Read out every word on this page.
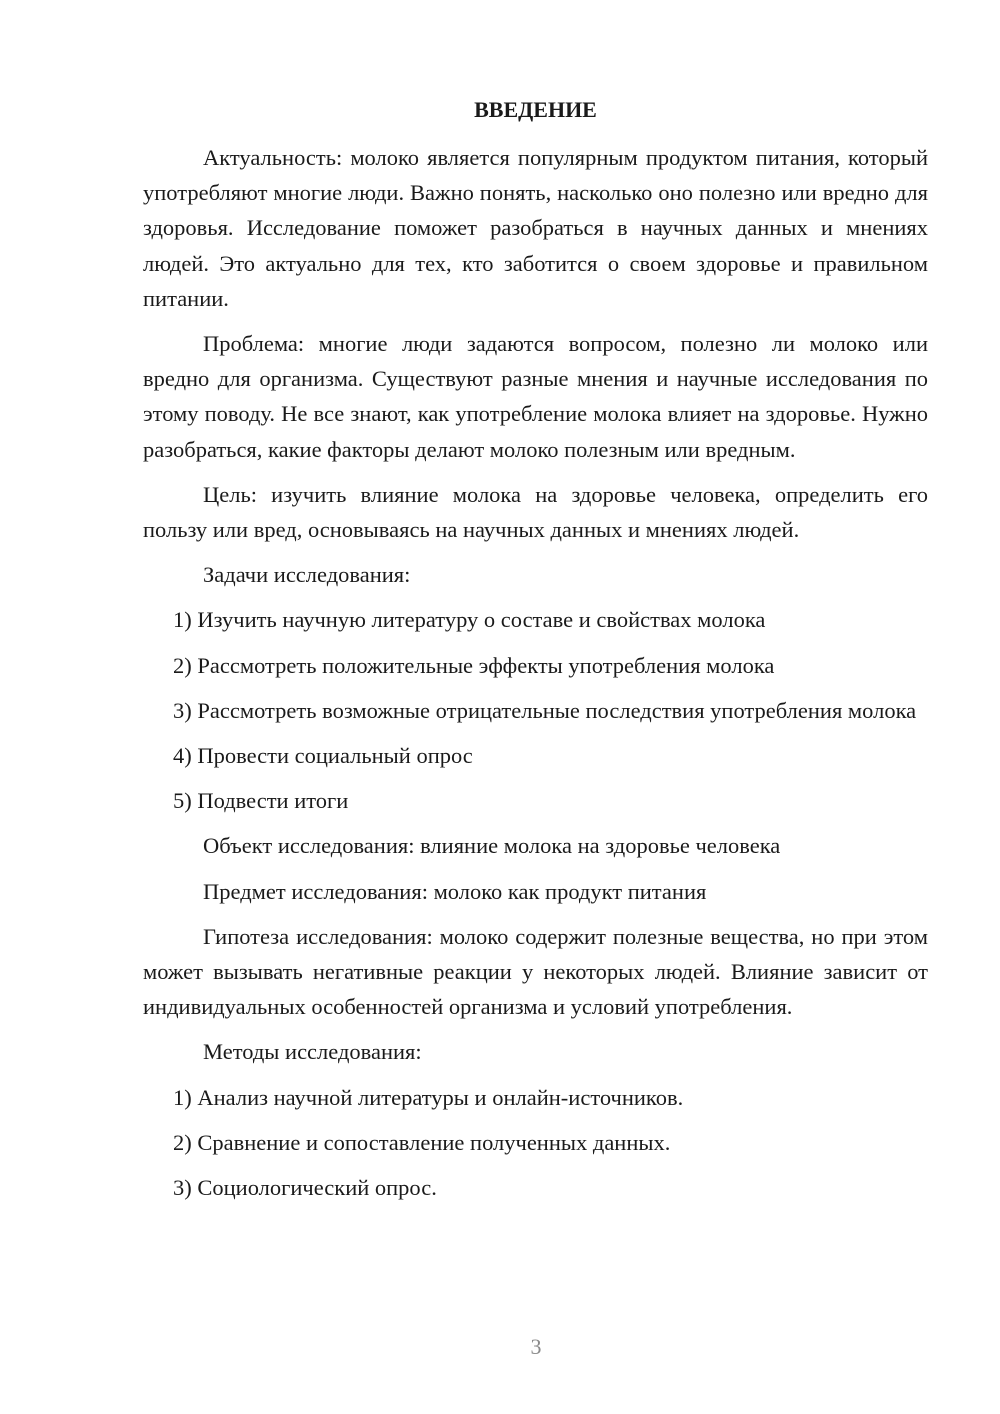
ВВЕДЕНИЕ

Актуальность: молоко является популярным продуктом питания, который употребляют многие люди. Важно понять, насколько оно полезно или вредно для здоровья. Исследование поможет разобраться в научных данных и мнениях людей. Это актуально для тех, кто заботится о своем здоровье и правильном питании.

Проблема: многие люди задаются вопросом, полезно ли молоко или вредно для организма. Существуют разные мнения и научные исследования по этому поводу. Не все знают, как употребление молока влияет на здоровье. Нужно разобраться, какие факторы делают молоко полезным или вредным.

Цель: изучить влияние молока на здоровье человека, определить его пользу или вред, основываясь на научных данных и мнениях людей.

Задачи исследования:

1) Изучить научную литературу о составе и свойствах молока

2) Рассмотреть положительные эффекты употребления молока

3) Рассмотреть возможные отрицательные последствия употребления молока

4) Провести социальный опрос

5) Подвести итоги

Объект исследования: влияние молока на здоровье человека

Предмет исследования: молоко как продукт питания

Гипотеза исследования: молоко содержит полезные вещества, но при этом может вызывать негативные реакции у некоторых людей. Влияние зависит от индивидуальных особенностей организма и условий употребления.

Методы исследования:

1) Анализ научной литературы и онлайн-источников.

2) Сравнение и сопоставление полученных данных.

3) Социологический опрос.

3
